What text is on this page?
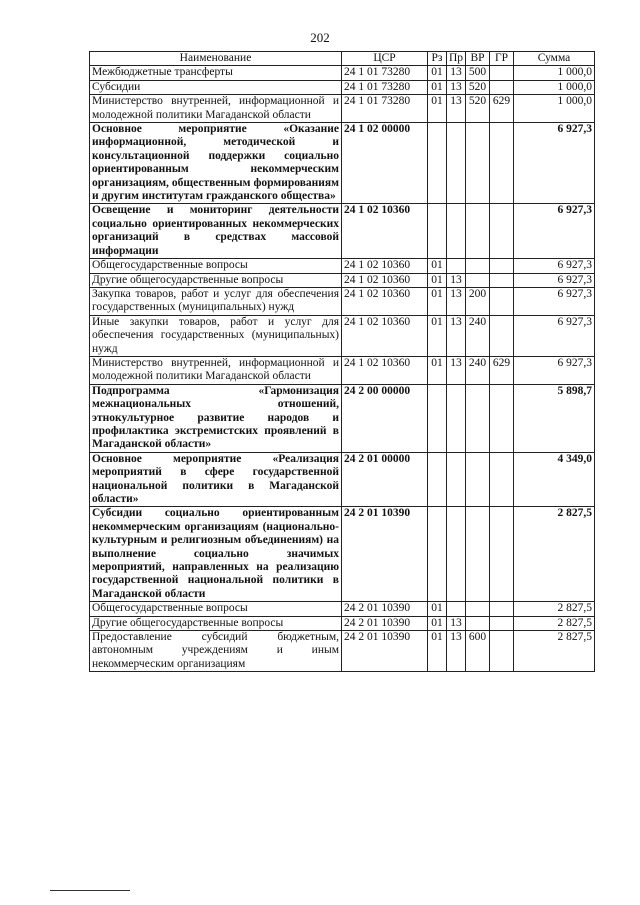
202
Наименование	ЦСР	Рз	Пр	ВР	ГР	Сумма
Межбюджетные трансферты	24 1 01 73280	01	13	500		1 000,0
Субсидии	24 1 01 73280	01	13	520		1 000,0
Министерство внутренней, информационной и молодежной политики Магаданской области	24 1 01 73280	01	13	520	629	1 000,0
Основное мероприятие «Оказание информационной, методической и консультационной поддержки социально ориентированным некоммерческим организациям, общественным формированиям и другим институтам гражданского общества»	24 1 02 00000					6 927,3
Освещение и мониторинг деятельности социально ориентированных некоммерческих организаций в средствах массовой информации	24 1 02 10360					6 927,3
Общегосударственные вопросы	24 1 02 10360	01				6 927,3
Другие общегосударственные вопросы	24 1 02 10360	01	13			6 927,3
Закупка товаров, работ и услуг для обеспечения государственных (муниципальных) нужд	24 1 02 10360	01	13	200		6 927,3
Иные закупки товаров, работ и услуг для обеспечения государственных (муниципальных) нужд	24 1 02 10360	01	13	240		6 927,3
Министерство внутренней, информационной и молодежной политики Магаданской области	24 1 02 10360	01	13	240	629	6 927,3
Подпрограмма «Гармонизация межнациональных отношений, этнокультурное развитие народов и профилактика экстремистских проявлений в Магаданской области»	24 2 00 00000					5 898,7
Основное мероприятие «Реализация мероприятий в сфере государственной национальной политики в Магаданской области»	24 2 01 00000					4 349,0
Субсидии социально ориентированным некоммерческим организациям (национально-культурным и религиозным объединениям) на выполнение социально значимых мероприятий, направленных на реализацию государственной национальной политики в Магаданской области	24 2 01 10390					2 827,5
Общегосударственные вопросы	24 2 01 10390	01				2 827,5
Другие общегосударственные вопросы	24 2 01 10390	01	13			2 827,5
Предоставление субсидий бюджетным, автономным учреждениям и иным некоммерческим организациям	24 2 01 10390	01	13	600		2 827,5
